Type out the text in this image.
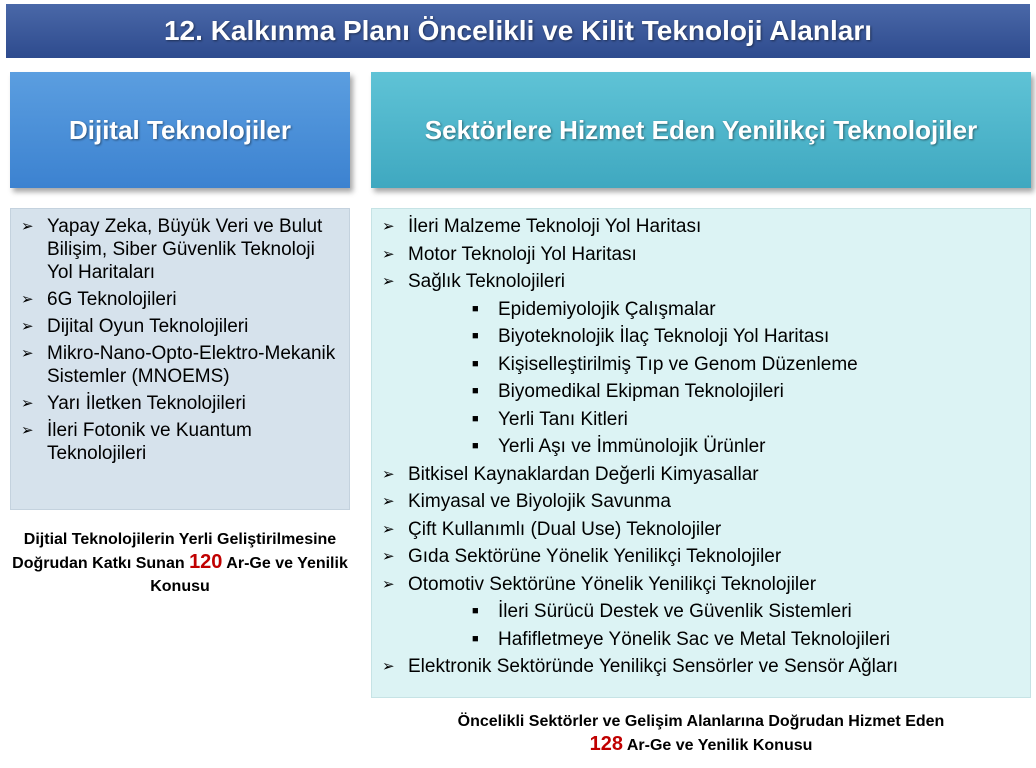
12. Kalkınma Planı Öncelikli ve Kilit Teknoloji Alanları
Dijital Teknolojiler	Sektörlere Hizmet Eden Yenilikçi Teknolojiler
➢ Yapay Zeka, Büyük Veri ve Bulut Bilişim, Siber Güvenlik Teknoloji Yol Haritaları
➢ 6G Teknolojileri
➢ Dijital Oyun Teknolojileri
➢ Mikro-Nano-Opto-Elektro-Mekanik Sistemler (MNOEMS)
➢ Yarı İletken Teknolojileri
➢ İleri Fotonik ve Kuantum Teknolojileri
➢ İleri Malzeme Teknoloji Yol Haritası
➢ Motor Teknoloji Yol Haritası
➢ Sağlık Teknolojileri
■	Epidemiyolojik Çalışmalar
■	Biyoteknolojik İlaç Teknoloji Yol Haritası
■	Kişiselleştirilmiş Tıp ve Genom Düzenleme
■	Biyomedikal Ekipman Teknolojileri
■	Yerli Tanı Kitleri
■	Yerli Aşı ve İmmünolojik Ürünler
➢ Bitkisel Kaynaklardan Değerli Kimyasallar
➢ Kimyasal ve Biyolojik Savunma
➢ Çift Kullanımlı (Dual Use) Teknolojiler
➢ Gıda Sektörüne Yönelik Yenilikçi Teknolojiler
➢ Otomotiv Sektörüne Yönelik Yenilikçi Teknolojiler
■	İleri Sürücü Destek ve Güvenlik Sistemleri
■	Hafifletmeye Yönelik Sac ve Metal Teknolojileri
➢ Elektronik Sektöründe Yenilikçi Sensörler ve Sensör Ağları
Dijtial Teknolojilerin Yerli Geliştirilmesine Doğrudan Katkı Sunan 120 Ar-Ge ve Yenilik Konusu
Öncelikli Sektörler ve Gelişim Alanlarına Doğrudan Hizmet Eden
128 Ar-Ge ve Yenilik Konusu
